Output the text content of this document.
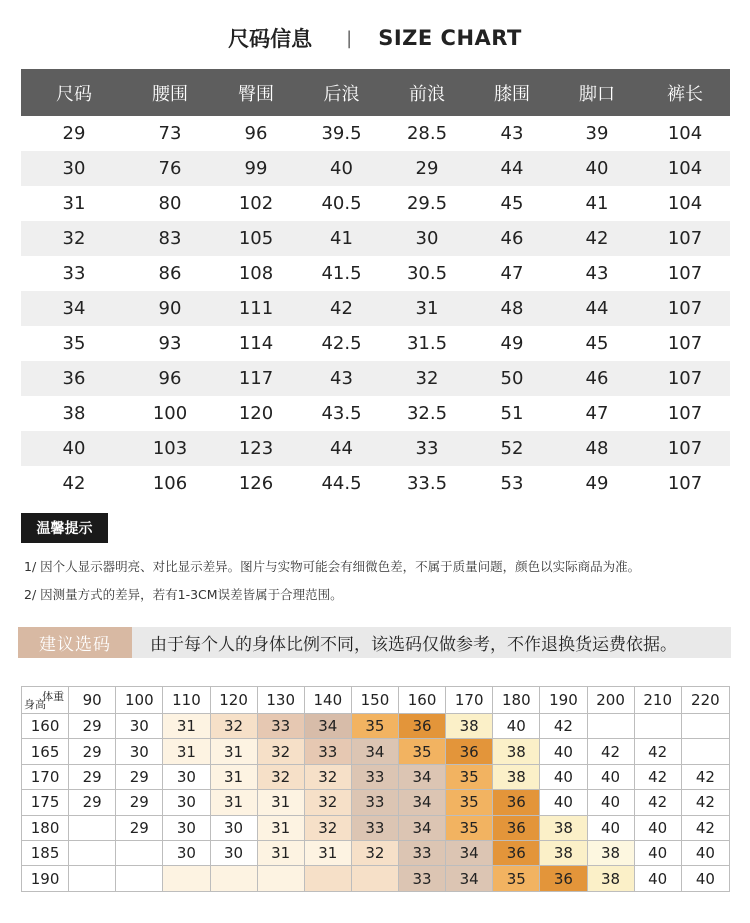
尺码信息 | SIZE CHART
尺码	腰围	臀围	后浪	前浪	膝围	脚口	裤长
29	73	96	39.5	28.5	43	39	104
30	76	99	40	29	44	40	104
31	80	102	40.5	29.5	45	41	104
32	83	105	41	30	46	42	107
33	86	108	41.5	30.5	47	43	107
34	90	111	42	31	48	44	107
35	93	114	42.5	31.5	49	45	107
36	96	117	43	32	50	46	107
38	100	120	43.5	32.5	51	47	107
40	103	123	44	33	52	48	107
42	106	126	44.5	33.5	53	49	107
温馨提示
1/ 因个人显示器明亮、对比显示差异。图片与实物可能会有细微色差，不属于质量问题，颜色以实际商品为准。
2/ 因测量方式的差异，若有1-3CM误差皆属于合理范围。
建议选码	由于每个人的身体比例不同，该选码仅做参考，不作退换货运费依据。
体重
身高	90	100	110	120	130	140	150	160	170	180	190	200	210	220
160	29	30	31	32	33	34	35	36	38	40	42			
165	29	30	31	31	32	33	34	35	36	38	40	42	42	
170	29	29	30	31	32	32	33	34	35	38	40	40	42	42
175	29	29	30	31	31	32	33	34	35	36	40	40	42	42
180		29	30	30	31	32	33	34	35	36	38	40	40	42
185			30	30	31	31	32	33	34	36	38	38	40	40
190								33	34	35	36	38	40	40
